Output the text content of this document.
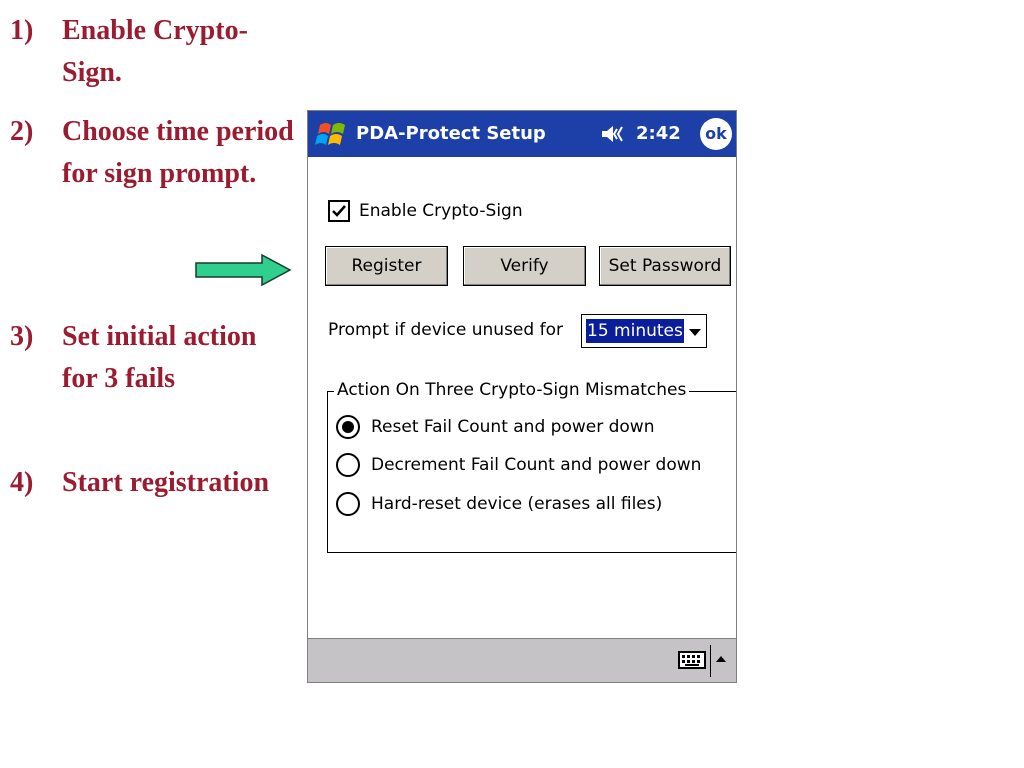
1)	Enable Crypto-Sign.
2)	Choose time period for sign prompt.
3)	Set initial action for 3 fails
4)	Start registration
PDA-Protect Setup	2:42	ok
Enable Crypto-Sign
Register	Verify	Set Password
Prompt if device unused for 15 minutes
Action On Three Crypto-Sign Mismatches
Reset Fail Count and power down
Decrement Fail Count and power down
Hard-reset device (erases all files)
